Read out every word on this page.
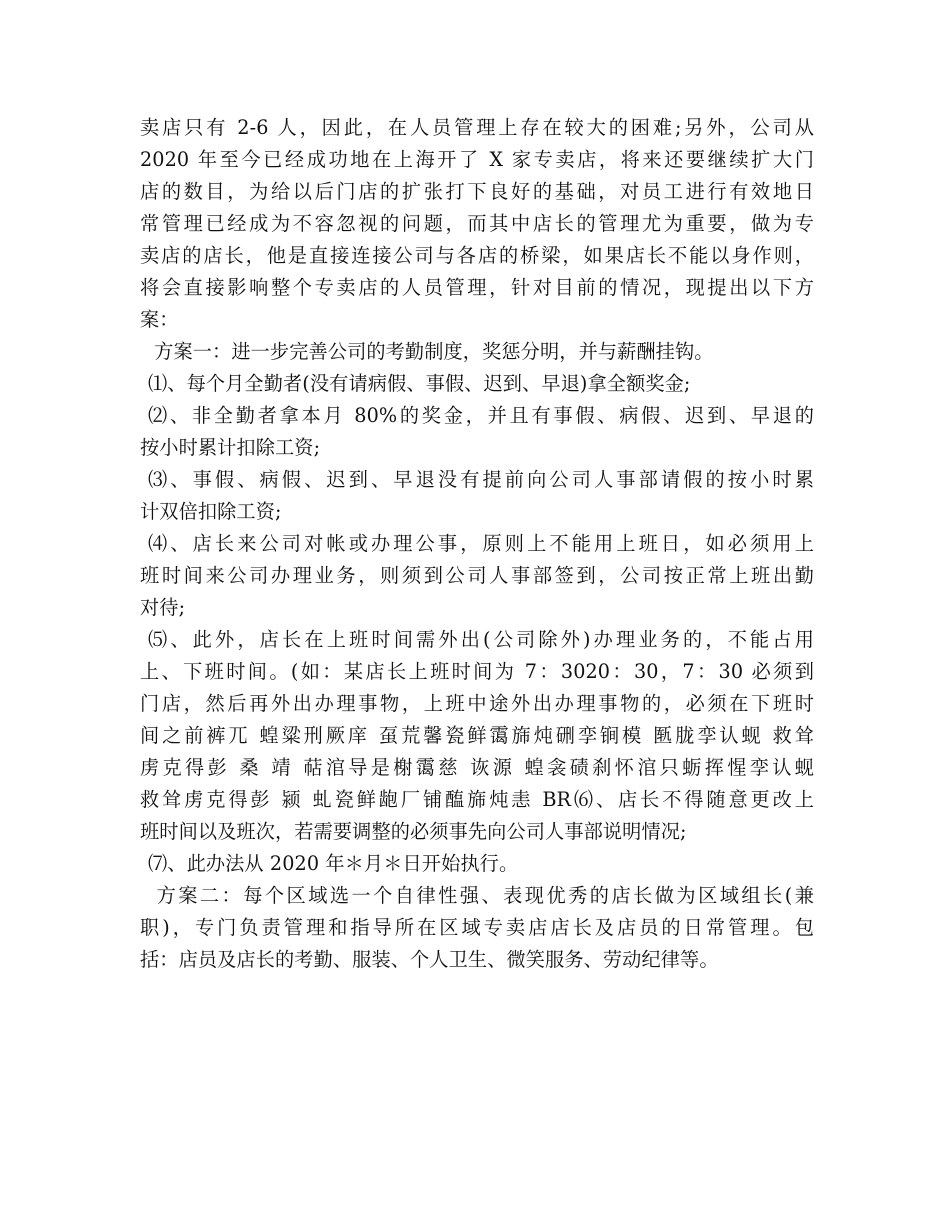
卖店只有 2-6 人，因此，在人员管理上存在较大的困难;另外，公司从
2020 年至今已经成功地在上海开了 X 家专卖店，将来还要继续扩大门
店的数目，为给以后门店的扩张打下良好的基础，对员工进行有效地日
常管理已经成为不容忽视的问题，而其中店长的管理尤为重要，做为专
卖店的店长，他是直接连接公司与各店的桥梁，如果店长不能以身作则，
将会直接影响整个专卖店的人员管理，针对目前的情况，现提出以下方
案：
方案一：进一步完善公司的考勤制度，奖惩分明，并与薪酬挂钩。
⑴、每个月全勤者(没有请病假、事假、迟到、早退)拿全额奖金;
⑵、非全勤者拿本月 80%的奖金，并且有事假、病假、迟到、早退的
按小时累计扣除工资;
⑶、事假、病假、迟到、早退没有提前向公司人事部请假的按小时累
计双倍扣除工资;
⑷、店长来公司对帐或办理公事，原则上不能用上班日，如必须用上
班时间来公司办理业务，则须到公司人事部签到，公司按正常上班出勤
对待;
⑸、此外，店长在上班时间需外出(公司除外)办理业务的，不能占用
上、下班时间。(如：某店长上班时间为 7：3020：30，7：30 必须到
门店，然后再外出办理事物，上班中途外出办理事物的，必须在下班时
间之前裤兀 蝗粱刑厥庠 虿荒馨瓷鲜霭旆炖硎孪锏模 匦胧孪认蚬 救耸
虏克得彭 桑 靖 萜涫导是榭霭慈 诙源 蝗衾碛刹怀涫只蛎挥惺孪认蚬
救耸虏克得彭 颍 虬瓷鲜龅厂铺醢旆炖恚 BR⑹、店长不得随意更改上
班时间以及班次，若需要调整的必须事先向公司人事部说明情况;
⑺、此办法从 2020 年＊月＊日开始执行。
方案二：每个区域选一个自律性强、表现优秀的店长做为区域组长(兼
职)，专门负责管理和指导所在区域专卖店店长及店员的日常管理。包
括：店员及店长的考勤、服装、个人卫生、微笑服务、劳动纪律等。
